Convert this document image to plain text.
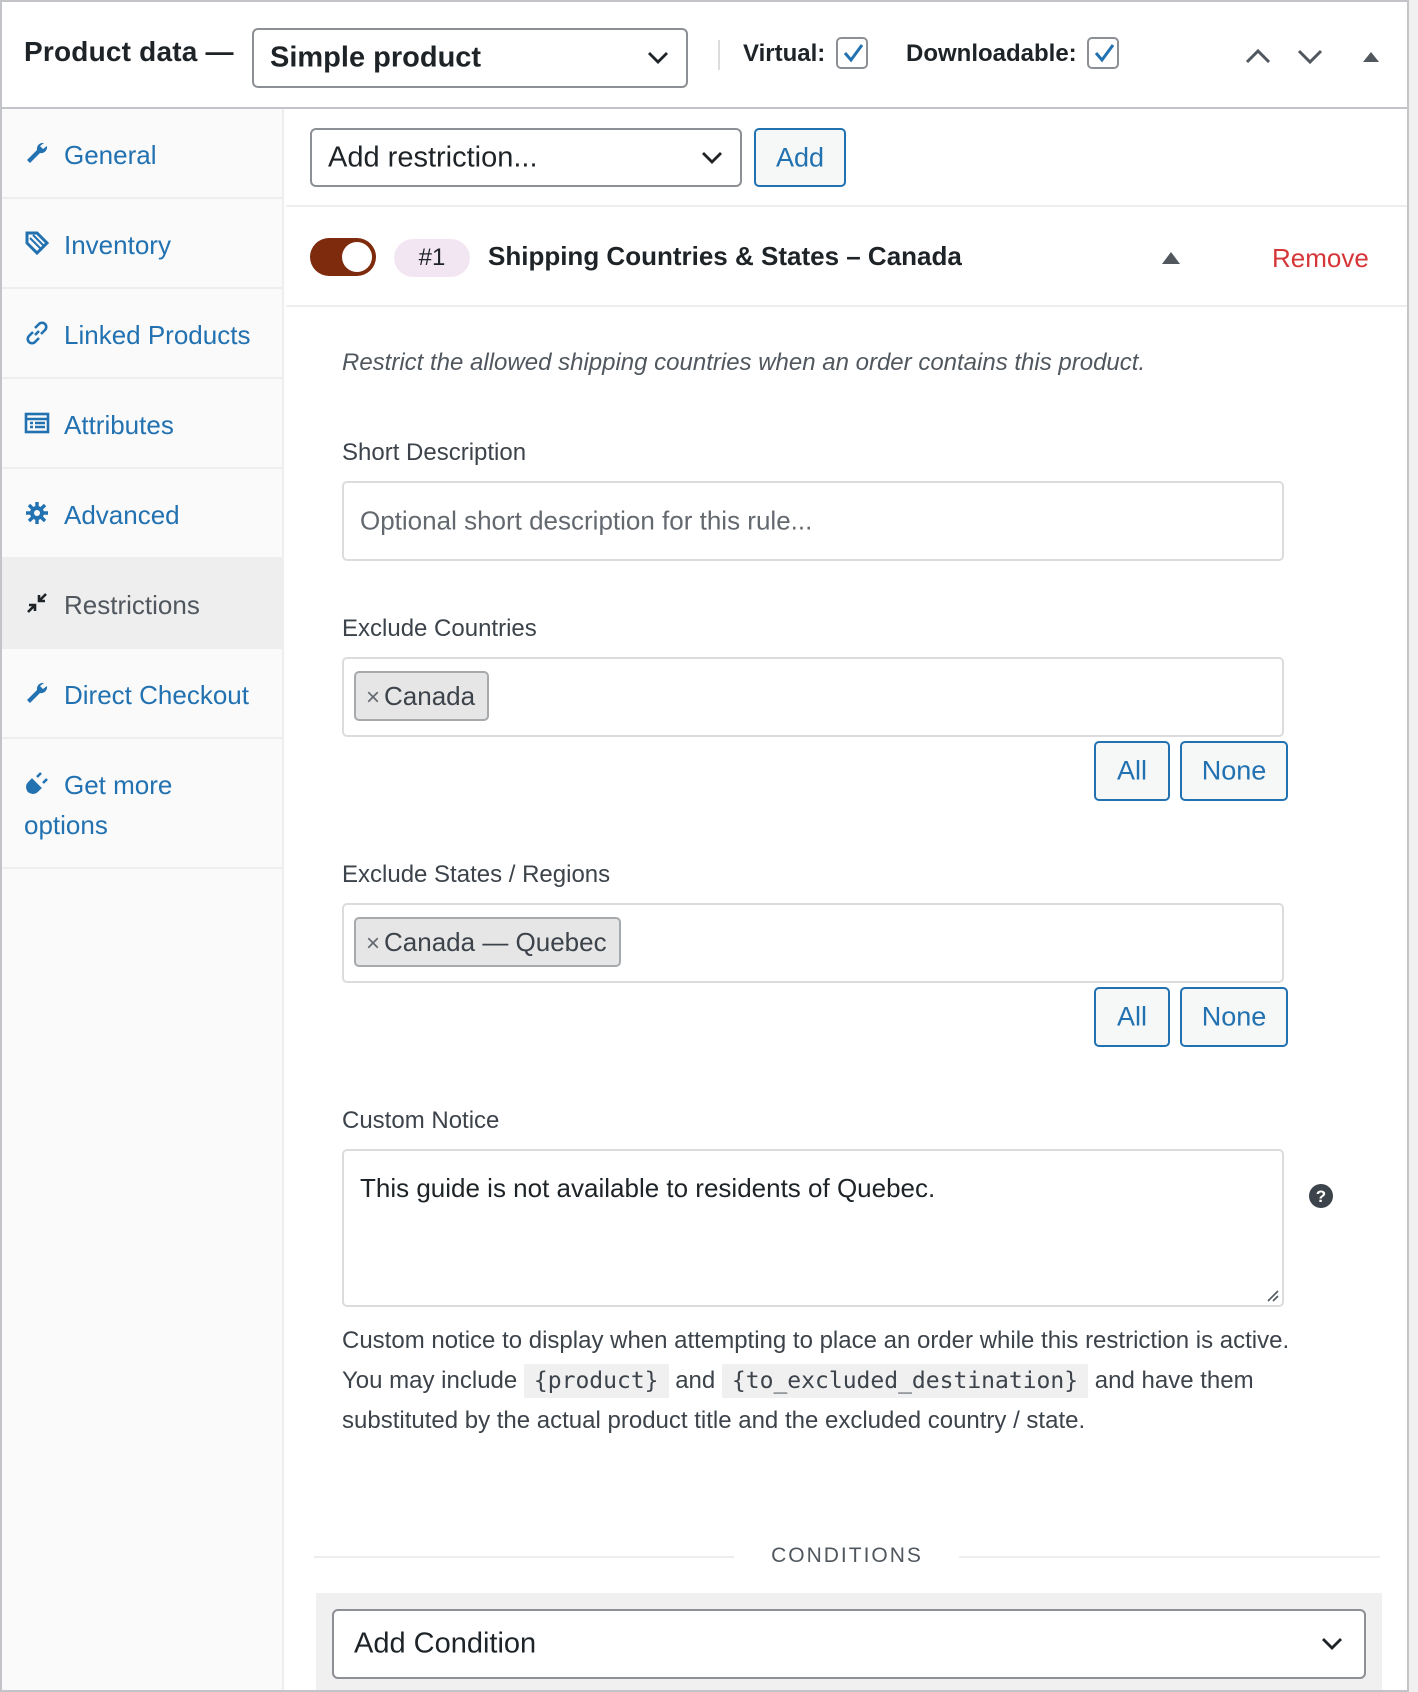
Product data — Simple product	Virtual:	Downloadable:
General
Inventory
Linked Products
Attributes
Advanced
Restrictions
Direct Checkout
Get more options
Add restriction...	Add
#1	Shipping Countries & States – Canada	Remove
Restrict the allowed shipping countries when an order contains this product.
Short Description
Optional short description for this rule...
Exclude Countries
× Canada
All	None
Exclude States / Regions
× Canada — Quebec
All	None
Custom Notice
This guide is not available to residents of Quebec.	?
Custom notice to display when attempting to place an order while this restriction is active. You may include {product} and {to_excluded_destination} and have them substituted by the actual product title and the excluded country / state.
CONDITIONS
Add Condition
